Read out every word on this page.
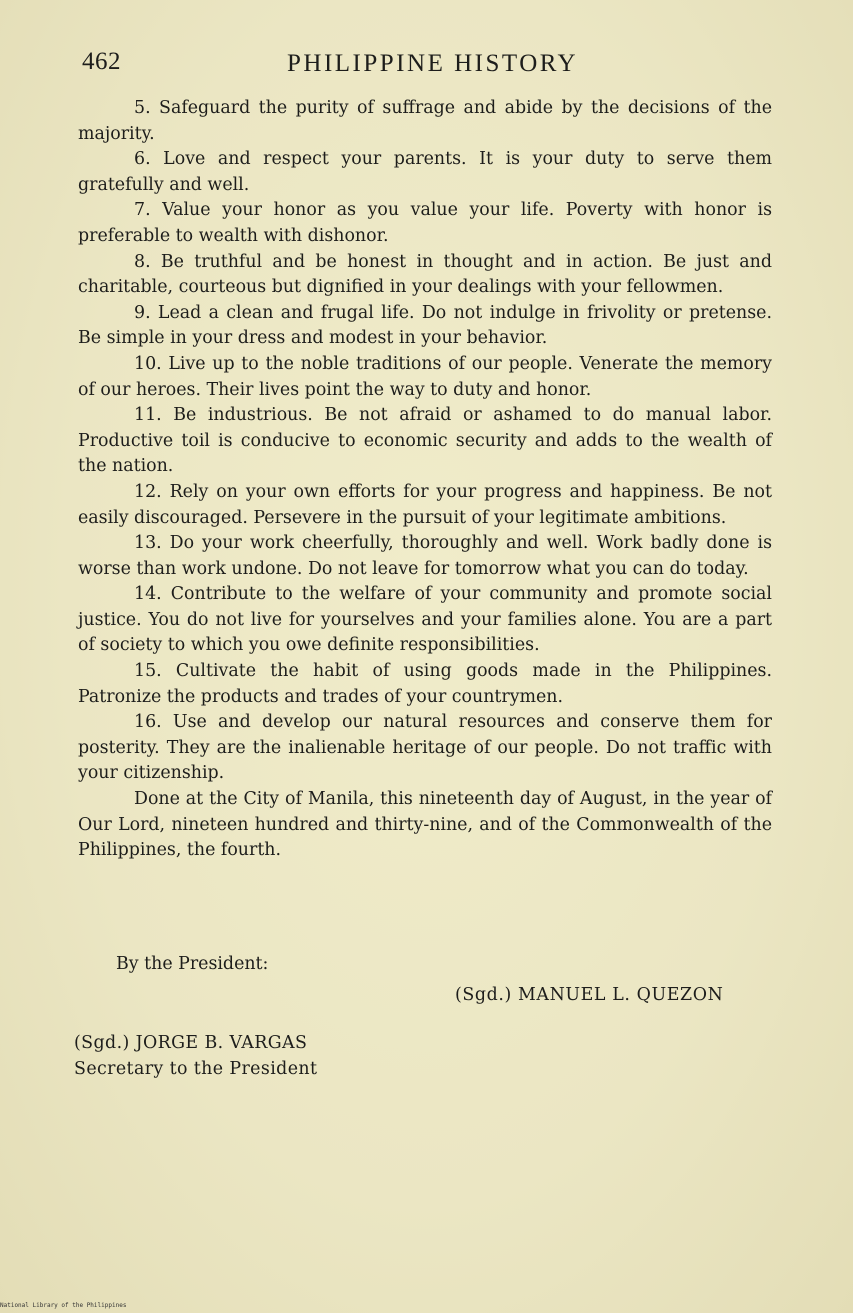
462	PHILIPPINE HISTORY

5. Safeguard the purity of suffrage and abide by the decisions of the majority.

6. Love and respect your parents. It is your duty to serve them gratefully and well.

7. Value your honor as you value your life. Poverty with honor is preferable to wealth with dishonor.

8. Be truthful and be honest in thought and in action. Be just and charitable, courteous but dignified in your dealings with your fellowmen.

9. Lead a clean and frugal life. Do not indulge in frivolity or pretense. Be simple in your dress and modest in your behavior.

10. Live up to the noble traditions of our people. Venerate the memory of our heroes. Their lives point the way to duty and honor.

11. Be industrious. Be not afraid or ashamed to do manual labor. Productive toil is conducive to economic security and adds to the wealth of the nation.

12. Rely on your own efforts for your progress and happiness. Be not easily discouraged. Persevere in the pursuit of your legitimate ambitions.

13. Do your work cheerfully, thoroughly and well. Work badly done is worse than work undone. Do not leave for tomorrow what you can do today.

14. Contribute to the welfare of your community and promote social justice. You do not live for yourselves and your families alone. You are a part of society to which you owe definite responsibilities.

15. Cultivate the habit of using goods made in the Philippines. Patronize the products and trades of your countrymen.

16. Use and develop our natural resources and conserve them for posterity. They are the inalienable heritage of our people. Do not traffic with your citizenship.

Done at the City of Manila, this nineteenth day of August, in the year of Our Lord, nineteen hundred and thirty-nine, and of the Commonwealth of the Philippines, the fourth.

By the President:
(Sgd.) MANUEL L. QUEZON
(Sgd.) JORGE B. VARGAS
Secretary to the President
National Library of the Philippines
